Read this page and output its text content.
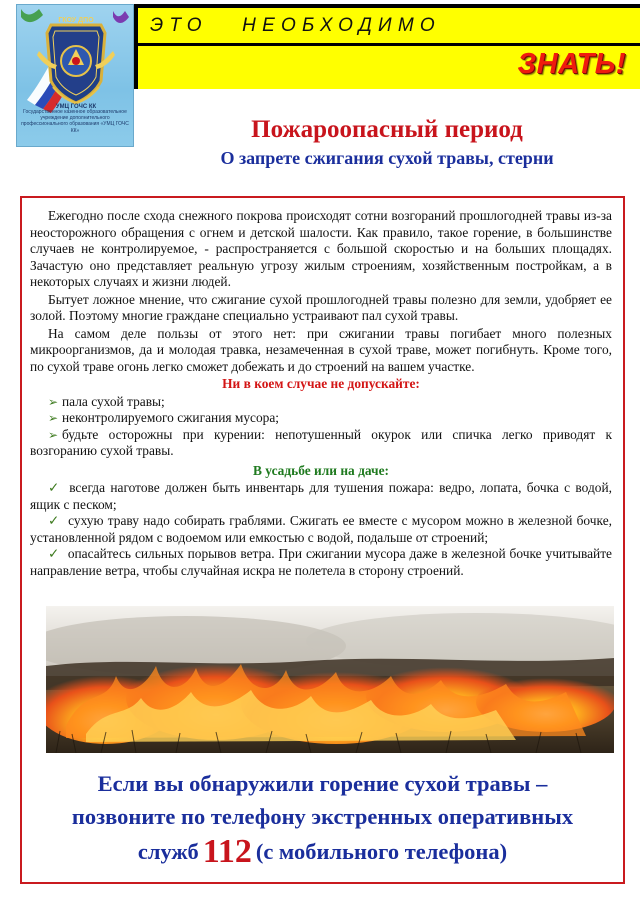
ГКОУ ДПО
УМЦ ГОЧС КК
Государственное казенное образовательное учреждение дополнительного профессионального образования «УМЦ ГОЧС КК»
ЭТО   НЕОБХОДИМО
ЗНАТЬ!
Пожароопасный период
О запрете сжигания сухой травы, стерни

Ежегодно после схода снежного покрова происходят сотни возгораний прошлогодней травы из-за неосторожного обращения с огнем и детской шалости. Как правило, такое горение, в большинстве случаев не контролируемое, - распространяется с большой скоростью и на больших площадях. Зачастую оно представляет реальную угрозу жилым строениям, хозяйственным постройкам, а в некоторых случаях и жизни людей.

Бытует ложное мнение, что сжигание сухой прошлогодней травы полезно для земли, удобряет ее золой. Поэтому многие граждане специально устраивают пал сухой травы.

На самом деле пользы от этого нет: при сжигании травы погибает много полезных микроорганизмов, да и молодая травка, незамеченная в сухой траве, может погибнуть. Кроме того, по сухой траве огонь легко сможет добежать и до строений на вашем участке.

Ни в коем случае не допускайте:

➢ пала сухой травы;
➢ неконтролируемого сжигания мусора;
➢ будьте осторожны при курении: непотушенный окурок или спичка легко приводят к возгоранию сухой травы.

В усадьбе или на даче:

✓ всегда наготове должен быть инвентарь для тушения пожара: ведро, лопата, бочка с водой, ящик с песком;
✓ сухую траву надо собирать граблями. Сжигать ее вместе с мусором можно в железной бочке, установленной рядом с водоемом или емкостью с водой, подальше от строений;
✓ опасайтесь сильных порывов ветра. При сжигании мусора даже в железной бочке учитывайте направление ветра, чтобы случайная искра не полетела в сторону строений.
Если вы обнаружили горение сухой травы –
позвоните по телефону экстренных оперативных
служб 112 (с мобильного телефона)
